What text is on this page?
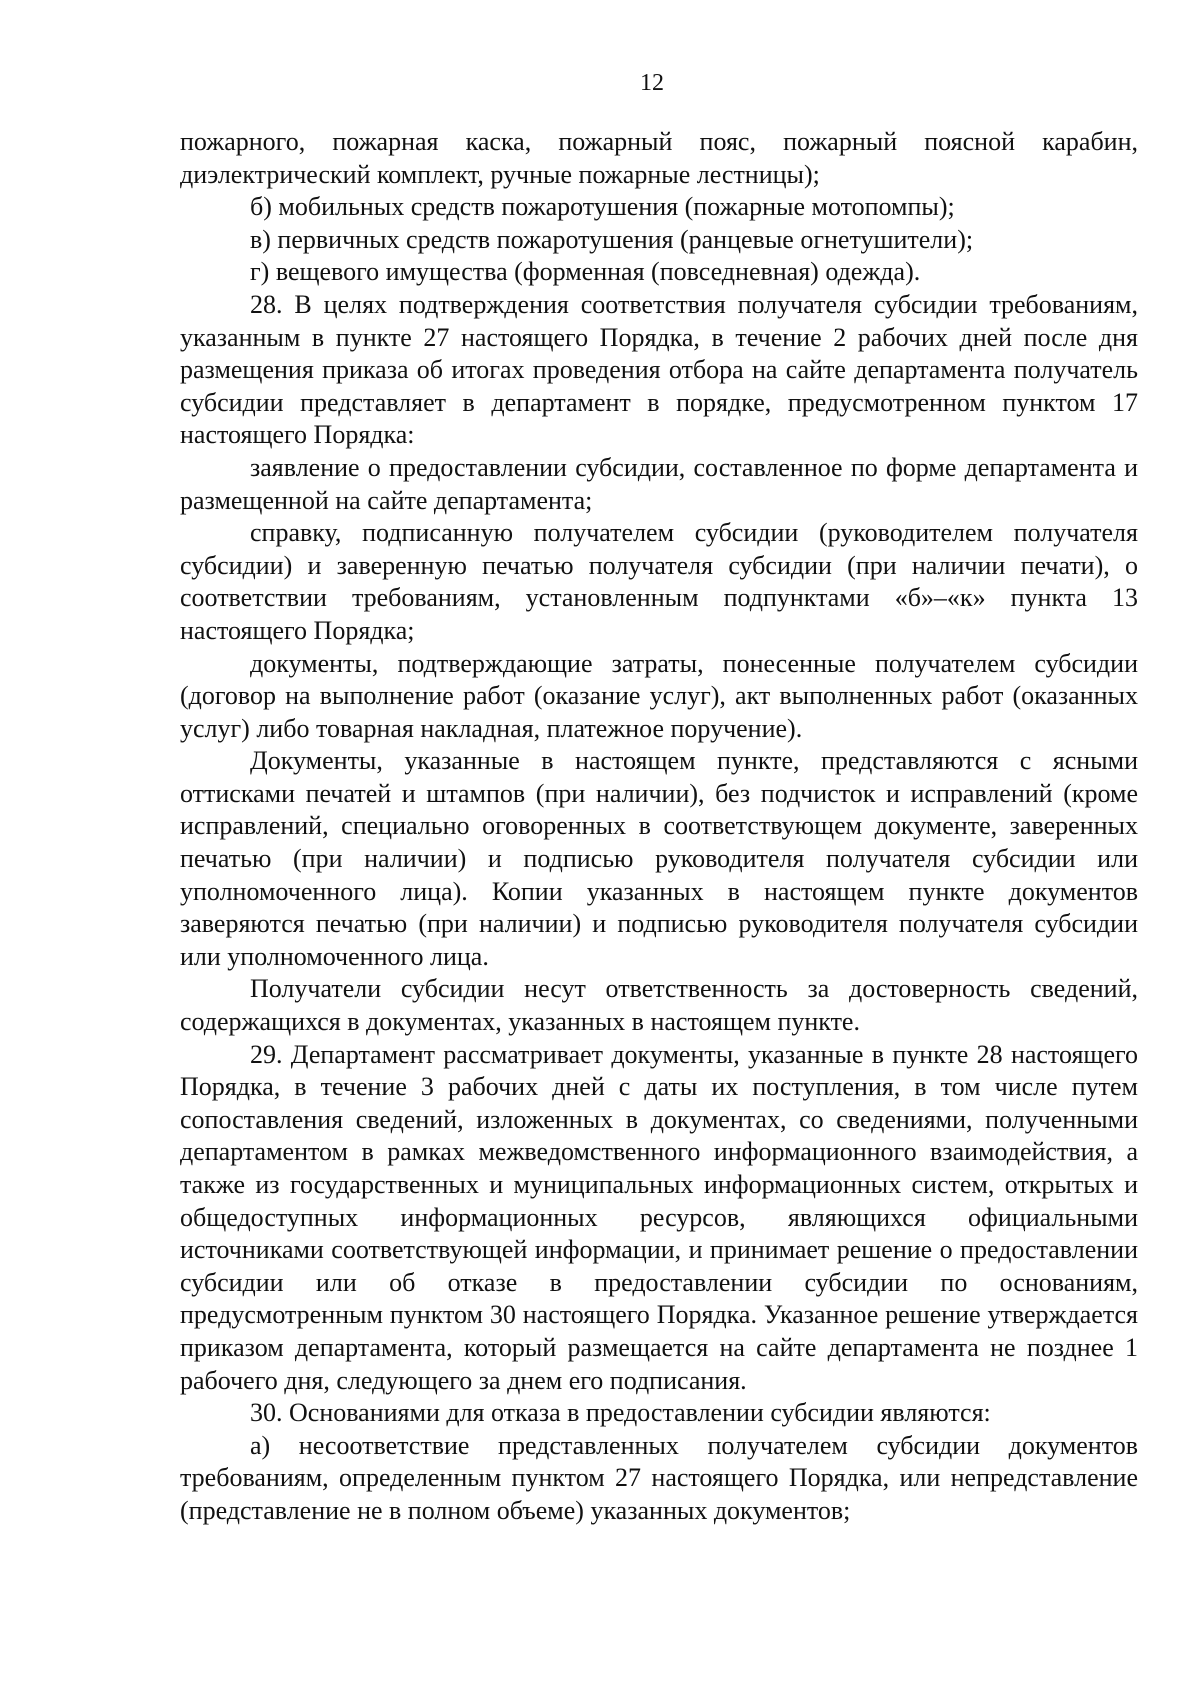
12

пожарного, пожарная каска, пожарный пояс, пожарный поясной карабин, диэлектрический комплект, ручные пожарные лестницы);

б) мобильных средств пожаротушения (пожарные мотопомпы);

в) первичных средств пожаротушения (ранцевые огнетушители);

г) вещевого имущества (форменная (повседневная) одежда).

28. В целях подтверждения соответствия получателя субсидии требованиям, указанным в пункте 27 настоящего Порядка, в течение 2 рабочих дней после дня размещения приказа об итогах проведения отбора на сайте департамента получатель субсидии представляет в департамент в порядке, предусмотренном пунктом 17 настоящего Порядка:

заявление о предоставлении субсидии, составленное по форме департамента и размещенной на сайте департамента;

справку, подписанную получателем субсидии (руководителем получателя субсидии) и заверенную печатью получателя субсидии (при наличии печати), о соответствии требованиям, установленным подпунктами «б»–«к» пункта 13 настоящего Порядка;

документы, подтверждающие затраты, понесенные получателем субсидии (договор на выполнение работ (оказание услуг), акт выполненных работ (оказанных услуг) либо товарная накладная, платежное поручение).

Документы, указанные в настоящем пункте, представляются с ясными оттисками печатей и штампов (при наличии), без подчисток и исправлений (кроме исправлений, специально оговоренных в соответствующем документе, заверенных печатью (при наличии) и подписью руководителя получателя субсидии или уполномоченного лица). Копии указанных в настоящем пункте документов заверяются печатью (при наличии) и подписью руководителя получателя субсидии или уполномоченного лица.

Получатели субсидии несут ответственность за достоверность сведений, содержащихся в документах, указанных в настоящем пункте.

29. Департамент рассматривает документы, указанные в пункте 28 настоящего Порядка, в течение 3 рабочих дней с даты их поступления, в том числе путем сопоставления сведений, изложенных в документах, со сведениями, полученными департаментом в рамках межведомственного информационного взаимодействия, а также из государственных и муниципальных информационных систем, открытых и общедоступных информационных ресурсов, являющихся официальными источниками соответствующей информации, и принимает решение о предоставлении субсидии или об отказе в предоставлении субсидии по основаниям, предусмотренным пунктом 30 настоящего Порядка. Указанное решение утверждается приказом департамента, который размещается на сайте департамента не позднее 1 рабочего дня, следующего за днем его подписания.

30. Основаниями для отказа в предоставлении субсидии являются:

а) несоответствие представленных получателем субсидии документов требованиям, определенным пунктом 27 настоящего Порядка, или непредставление (представление не в полном объеме) указанных документов;
